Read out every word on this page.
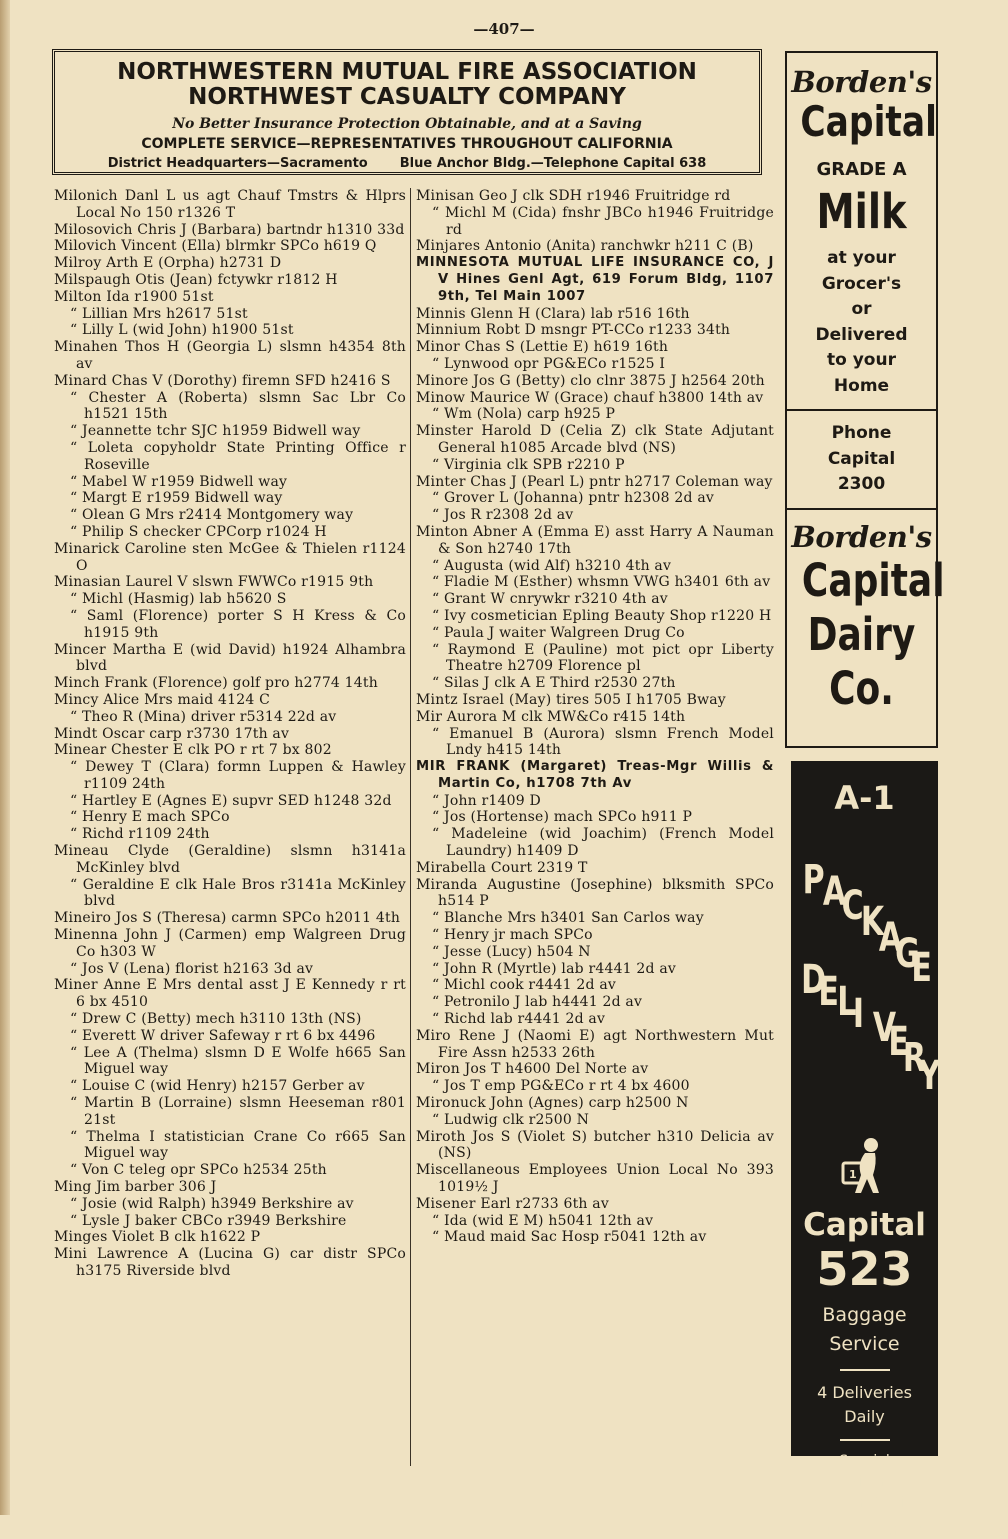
—407—
NORTHWESTERN MUTUAL FIRE ASSOCIATION
NORTHWEST CASUALTY COMPANY
No Better Insurance Protection Obtainable, and at a Saving
COMPLETE SERVICE—REPRESENTATIVES THROUGHOUT CALIFORNIA
District Headquarters—Sacramento Blue Anchor Bldg.—Telephone Capital 638
Milonich Danl L us agt Chauf Tmstrs & Hlprs Local No 150 r1326 T
Milosovich Chris J (Barbara) bartndr h1310 33d
Milovich Vincent (Ella) blrmkr SPCo h619 Q
Milroy Arth E (Orpha) h2731 D
Milspaugh Otis (Jean) fctywkr r1812 H
Milton Ida r1900 51st
“ Lillian Mrs h2617 51st
“ Lilly L (wid John) h1900 51st
Minahen Thos H (Georgia L) slsmn h4354 8th av
Minard Chas V (Dorothy) firemn SFD h2416 S
“ Chester A (Roberta) slsmn Sac Lbr Co h1521 15th
“ Jeannette tchr SJC h1959 Bidwell way
“ Loleta copyholdr State Printing Office r Roseville
“ Mabel W r1959 Bidwell way
“ Margt E r1959 Bidwell way
“ Olean G Mrs r2414 Montgomery way
“ Philip S checker CPCorp r1024 H
Minarick Caroline sten McGee & Thielen r1124 O
Minasian Laurel V slswn FWWCo r1915 9th
“ Michl (Hasmig) lab h5620 S
“ Saml (Florence) porter S H Kress & Co h1915 9th
Mincer Martha E (wid David) h1924 Alhambra blvd
Minch Frank (Florence) golf pro h2774 14th
Mincy Alice Mrs maid 4124 C
“ Theo R (Mina) driver r5314 22d av
Mindt Oscar carp r3730 17th av
Minear Chester E clk PO r rt 7 bx 802
“ Dewey T (Clara) formn Luppen & Hawley r1109 24th
“ Hartley E (Agnes E) supvr SED h1248 32d
“ Henry E mach SPCo
“ Richd r1109 24th
Mineau Clyde (Geraldine) slsmn h3141a McKinley blvd
“ Geraldine E clk Hale Bros r3141a McKinley blvd
Mineiro Jos S (Theresa) carmn SPCo h2011 4th
Minenna John J (Carmen) emp Walgreen Drug Co h303 W
“ Jos V (Lena) florist h2163 3d av
Miner Anne E Mrs dental asst J E Kennedy r rt 6 bx 4510
“ Drew C (Betty) mech h3110 13th (NS)
“ Everett W driver Safeway r rt 6 bx 4496
“ Lee A (Thelma) slsmn D E Wolfe h665 San Miguel way
“ Louise C (wid Henry) h2157 Gerber av
“ Martin B (Lorraine) slsmn Heeseman r801 21st
“ Thelma I statistician Crane Co r665 San Miguel way
“ Von C teleg opr SPCo h2534 25th
Ming Jim barber 306 J
“ Josie (wid Ralph) h3949 Berkshire av
“ Lysle J baker CBCo r3949 Berkshire
Minges Violet B clk h1622 P
Mini Lawrence A (Lucina G) car distr SPCo h3175 Riverside blvd
Minisan Geo J clk SDH r1946 Fruitridge rd
“ Michl M (Cida) fnshr JBCo h1946 Fruitridge rd
Minjares Antonio (Anita) ranchwkr h211 C (B)
MINNESOTA MUTUAL LIFE INSURANCE CO, J V Hines Genl Agt, 619 Forum Bldg, 1107 9th, Tel Main 1007
Minnis Glenn H (Clara) lab r516 16th
Minnium Robt D msngr PT-CCo r1233 34th
Minor Chas S (Lettie E) h619 16th
“ Lynwood opr PG&ECo r1525 I
Minore Jos G (Betty) clo clnr 3875 J h2564 20th
Minow Maurice W (Grace) chauf h3800 14th av
“ Wm (Nola) carp h925 P
Minster Harold D (Celia Z) clk State Adjutant General h1085 Arcade blvd (NS)
“ Virginia clk SPB r2210 P
Minter Chas J (Pearl L) pntr h2717 Coleman way
“ Grover L (Johanna) pntr h2308 2d av
“ Jos R r2308 2d av
Minton Abner A (Emma E) asst Harry A Nauman & Son h2740 17th
“ Augusta (wid Alf) h3210 4th av
“ Fladie M (Esther) whsmn VWG h3401 6th av
“ Grant W cnrywkr r3210 4th av
“ Ivy cosmetician Epling Beauty Shop r1220 H
“ Paula J waiter Walgreen Drug Co
“ Raymond E (Pauline) mot pict opr Liberty Theatre h2709 Florence pl
“ Silas J clk A E Third r2530 27th
Mintz Israel (May) tires 505 I h1705 Bway
Mir Aurora M clk MW&Co r415 14th
“ Emanuel B (Aurora) slsmn French Model Lndy h415 14th
MIR FRANK (Margaret) Treas-Mgr Willis & Martin Co, h1708 7th Av
“ John r1409 D
“ Jos (Hortense) mach SPCo h911 P
“ Madeleine (wid Joachim) (French Model Laundry) h1409 D
Mirabella Court 2319 T
Miranda Augustine (Josephine) blksmith SPCo h514 P
“ Blanche Mrs h3401 San Carlos way
“ Henry jr mach SPCo
“ Jesse (Lucy) h504 N
“ John R (Myrtle) lab r4441 2d av
“ Michl cook r4441 2d av
“ Petronilo J lab h4441 2d av
“ Richd lab r4441 2d av
Miro Rene J (Naomi E) agt Northwestern Mut Fire Assn h2533 26th
Miron Jos T h4600 Del Norte av
“ Jos T emp PG&ECo r rt 4 bx 4600
Mironuck John (Agnes) carp h2500 N
“ Ludwig clk r2500 N
Miroth Jos S (Violet S) butcher h310 Delicia av (NS)
Miscellaneous Employees Union Local No 393 1019½ J
Misener Earl r2733 6th av
“ Ida (wid E M) h5041 12th av
“ Maud maid Sac Hosp r5041 12th av
Borden's
Capital
GRADE A
Milk
at your
Grocer's
or
Delivered
to your
Home
Phone
Capital
2300
Borden's
Capital
Dairy
Co.
A-1
P
A
C
K
A
G
E
D
E
L
I V
E
R
Y
1
Capital
523
Baggage
Service
4 Deliveries
Daily
Special
Delivery
24-Hour Service
514½ L Street
